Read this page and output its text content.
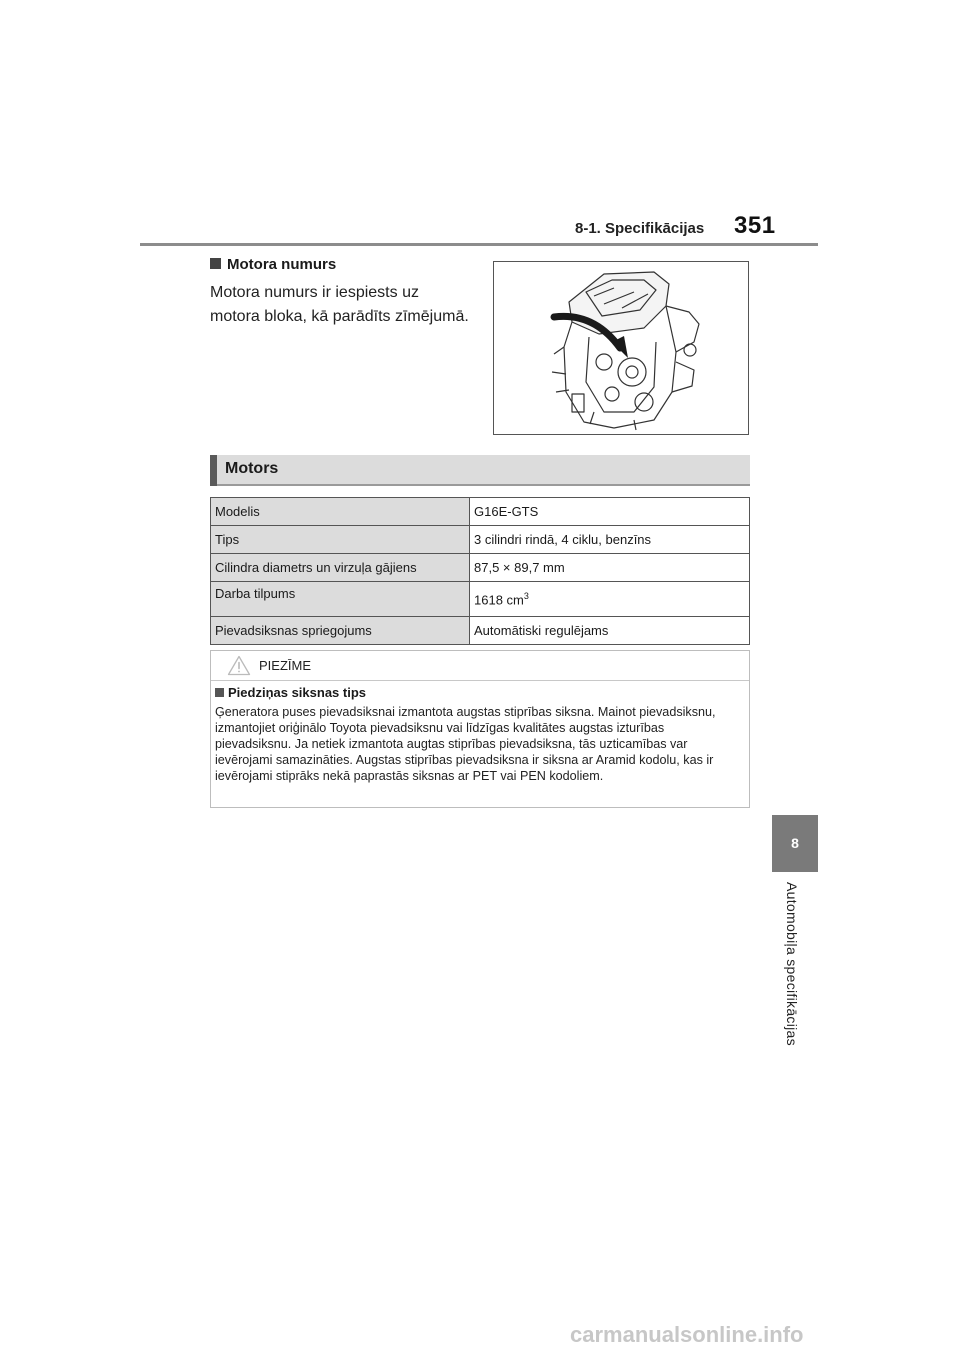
8-1. Specifikācijas 351
8
Automobiļa specifikācijas
Motora numurs
Motora numurs ir iespiests uz motora bloka, kā parādīts zīmējumā.
Motors
Modelis	G16E-GTS
Tips	3 cilindri rindā, 4 ciklu, benzīns
Cilindra diametrs un virzuļa gājiens	87,5 × 89,7 mm
Darba tilpums	1618 $cm^3$
Pievadsiksnas spriegojums	Automātiski regulējams
PIEZĪME
Piedziņas siksnas tips
Ģeneratora puses pievadsiksnai izmantota augstas stiprības siksna. Mainot pievadsiksnu, izmantojiet oriģinālo Toyota pievadsiksnu vai līdzīgas kvalitātes augstas izturības pievadsiksnu. Ja netiek izmantota augtas stiprības pievadsiksna, tās uzticamības var ievērojami samazināties. Augstas stiprības pievadsiksna ir siksna ar Aramid kodolu, kas ir ievērojami stiprāks nekā paprastās siksnas ar PET vai PEN kodoliem.
carmanualsonline.info
